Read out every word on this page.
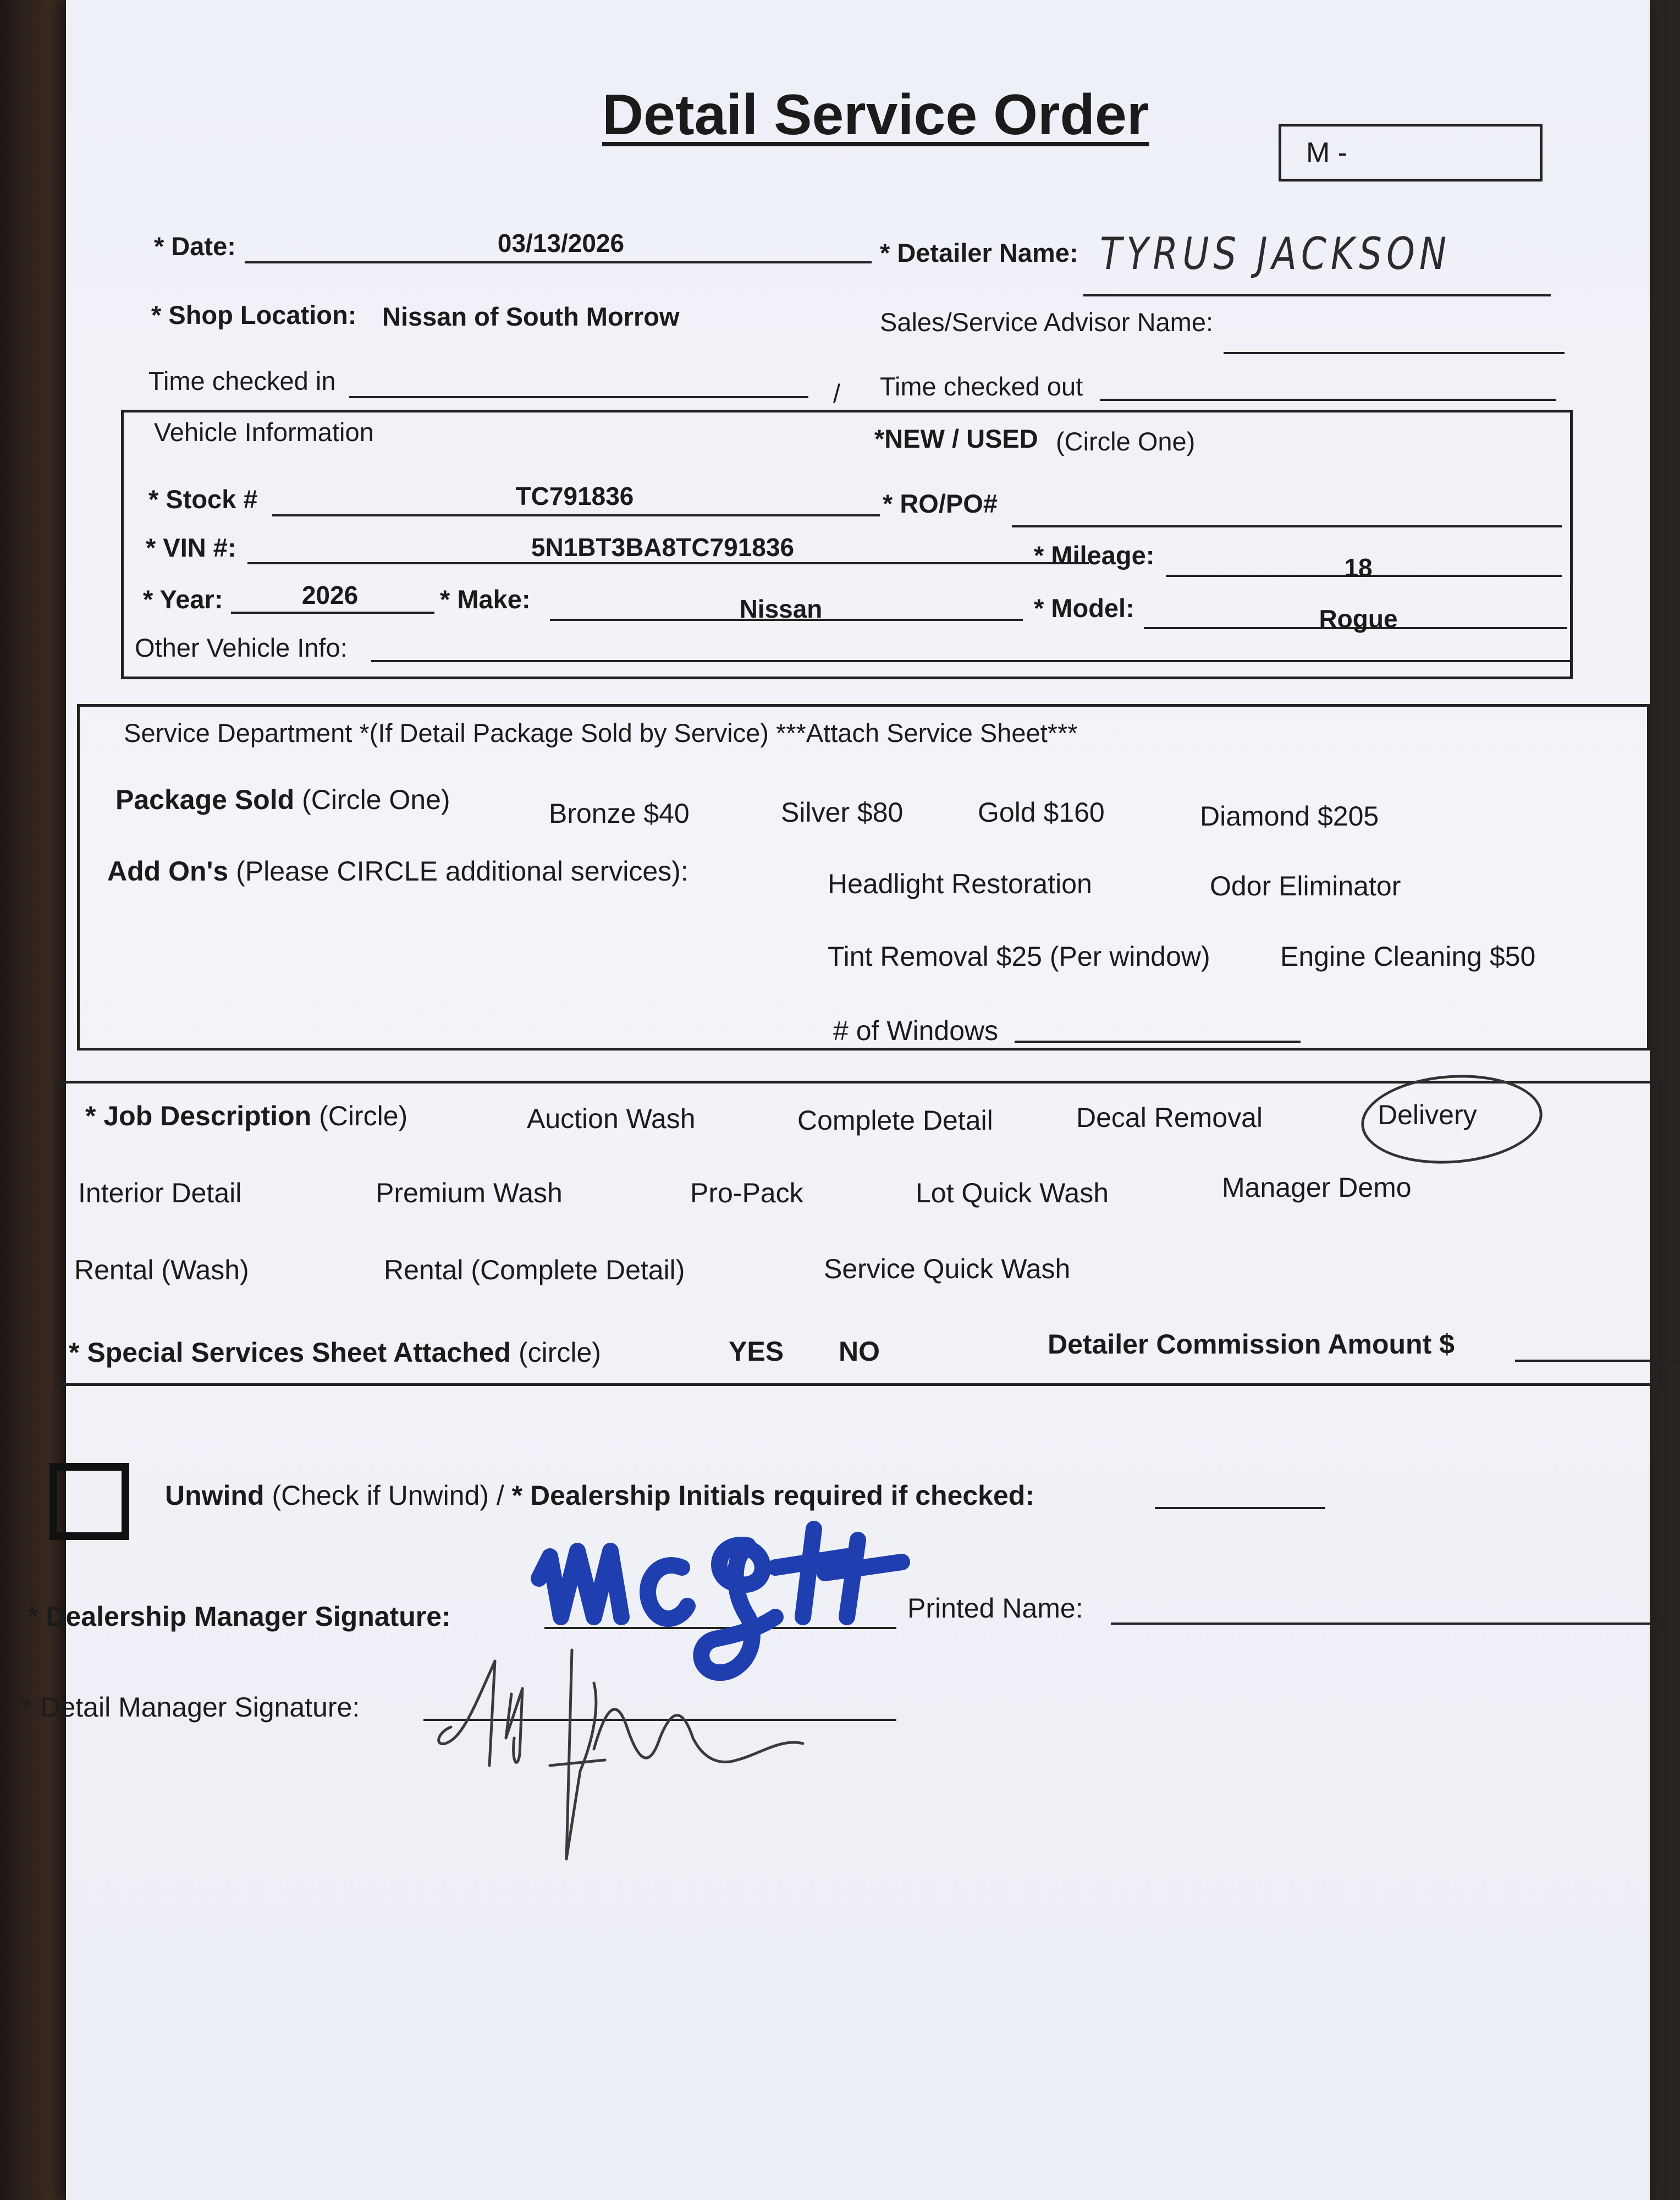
Detail Service Order
M -
* Date:	03/13/2026	* Detailer Name: TYRUS JACKSON
* Shop Location: Nissan of South Morrow	Sales/Service Advisor Name:
Time checked in	/ Time checked out
Vehicle Information	*NEW / USED (Circle One)
* Stock #	TC791836	* RO/PO#
* VIN #:	5N1BT3BA8TC791836	* Mileage:	18
* Year:	2026	* Make:	Nissan	* Model:	Rogue
Other Vehicle Info:
Service Department *(If Detail Package Sold by Service) ***Attach Service Sheet***
Package Sold (Circle One)	Bronze $40	Silver $80	Gold $160	Diamond $205
Add On's (Please CIRCLE additional services):	Headlight Restoration	Odor Eliminator
Tint Removal $25 (Per window)	Engine Cleaning $50
# of Windows
* Job Description (Circle)	Auction Wash	Complete Detail	Decal Removal	Delivery
Interior Detail	Premium Wash	Pro-Pack	Lot Quick Wash	Manager Demo
Rental (Wash)	Rental (Complete Detail)	Service Quick Wash
* Special Services Sheet Attached (circle)	YES NO	Detailer Commission Amount $
Unwind (Check if Unwind) / * Dealership Initials required if checked:
* Dealership Manager Signature:	Printed Name:
* Detail Manager Signature:
